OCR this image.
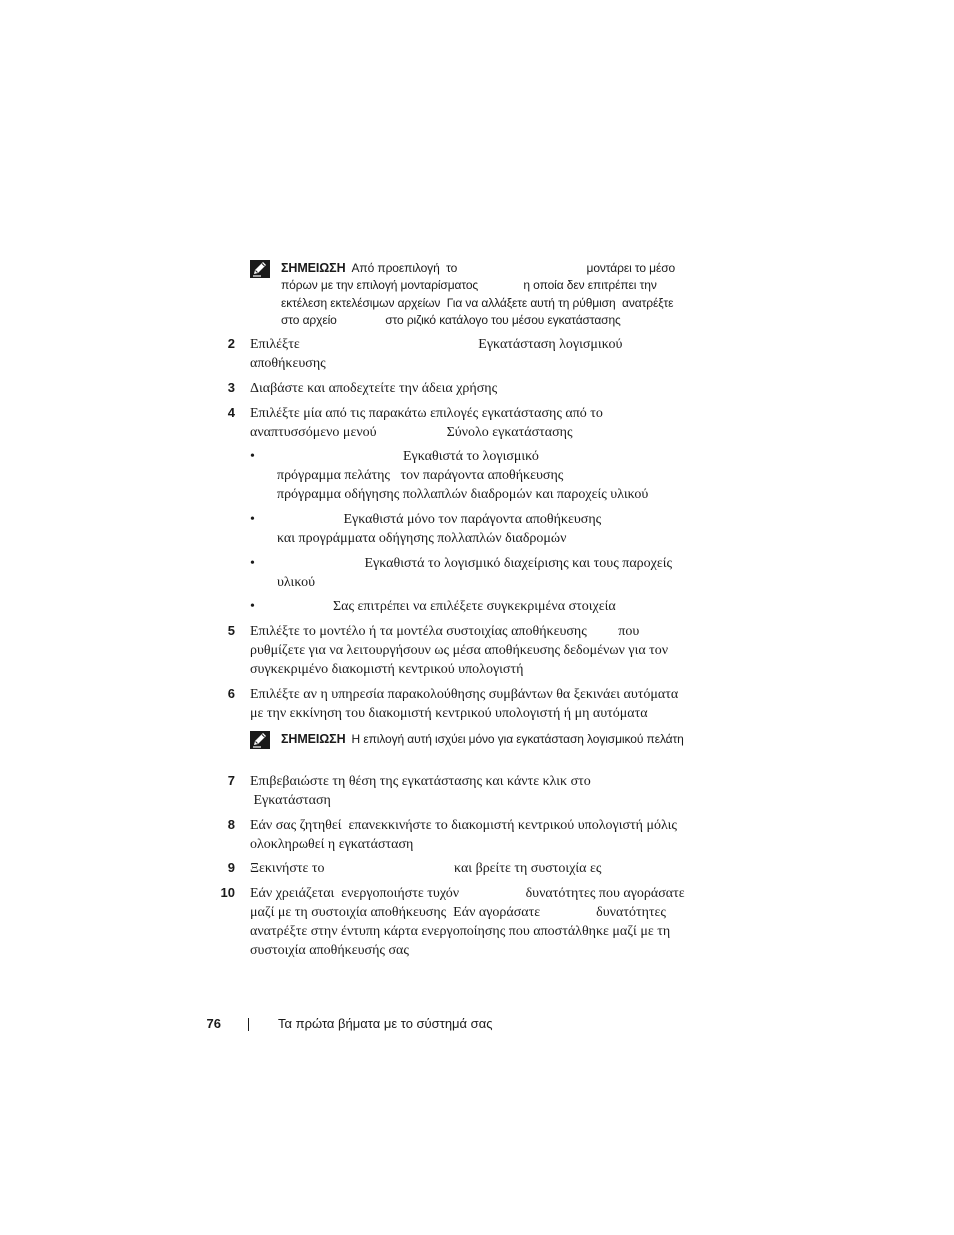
ΣΗΜΕΙΩΣΗ Από προεπιλογή  το                                        μοντάρει το μέσο
πόρων με την επιλογή μονταρίσματος              η οποία δεν επιτρέπει την
εκτέλεση εκτελέσιμων αρχείων  Για να αλλάξετε αυτή τη ρύθμιση  ανατρέξτε
στο αρχείο               στο ριζικό κατάλογο του μέσου εγκατάστασης
2 Επιλέξτε                                                   Εγκατάσταση λογισμικού
αποθήκευσης
3 Διαβάστε και αποδεχτείτε την άδεια χρήσης
4 Επιλέξτε μία από τις παρακάτω επιλογές εγκατάστασης από το
αναπτυσσόμενο μενού                    Σύνολο εγκατάστασης
• Εγκαθιστά το λογισμικό
πρόγραμμα πελάτης   τον παράγοντα αποθήκευσης
πρόγραμμα οδήγησης πολλαπλών διαδρομών και παροχείς υλικού
• Εγκαθιστά μόνο τον παράγοντα αποθήκευσης
και προγράμματα οδήγησης πολλαπλών διαδρομών
• Εγκαθιστά το λογισμικό διαχείρισης και τους παροχείς
υλικού
• Σας επιτρέπει να επιλέξετε συγκεκριμένα στοιχεία
5 Επιλέξτε το μοντέλο ή τα μοντέλα συστοιχίας αποθήκευσης         που
ρυθμίζετε για να λειτουργήσουν ως μέσα αποθήκευσης δεδομένων για τον
συγκεκριμένο διακομιστή κεντρικού υπολογιστή
6 Επιλέξτε αν η υπηρεσία παρακολούθησης συμβάντων θα ξεκινάει αυτόματα
με την εκκίνηση του διακομιστή κεντρικού υπολογιστή ή μη αυτόματα
ΣΗΜΕΙΩΣΗ Η επιλογή αυτή ισχύει μόνο για εγκατάσταση λογισμικού πελάτη
7 Επιβεβαιώστε τη θέση της εγκατάστασης και κάντε κλικ στο
Εγκατάσταση
8 Εάν σας ζητηθεί  επανεκκινήστε το διακομιστή κεντρικού υπολογιστή μόλις
ολοκληρωθεί η εγκατάσταση
9 Ξεκινήστε το                                     και βρείτε τη συστοιχία ες
10 Εάν χρειάζεται  ενεργοποιήστε τυχόν                   δυνατότητες που αγοράσατε
μαζί με τη συστοιχία αποθήκευσης  Εάν αγοράσατε                δυνατότητες
ανατρέξτε στην έντυπη κάρτα ενεργοποίησης που αποστάλθηκε μαζί με τη
συστοιχία αποθήκευσής σας
76	Τα πρώτα βήματα με το σύστημά σας
